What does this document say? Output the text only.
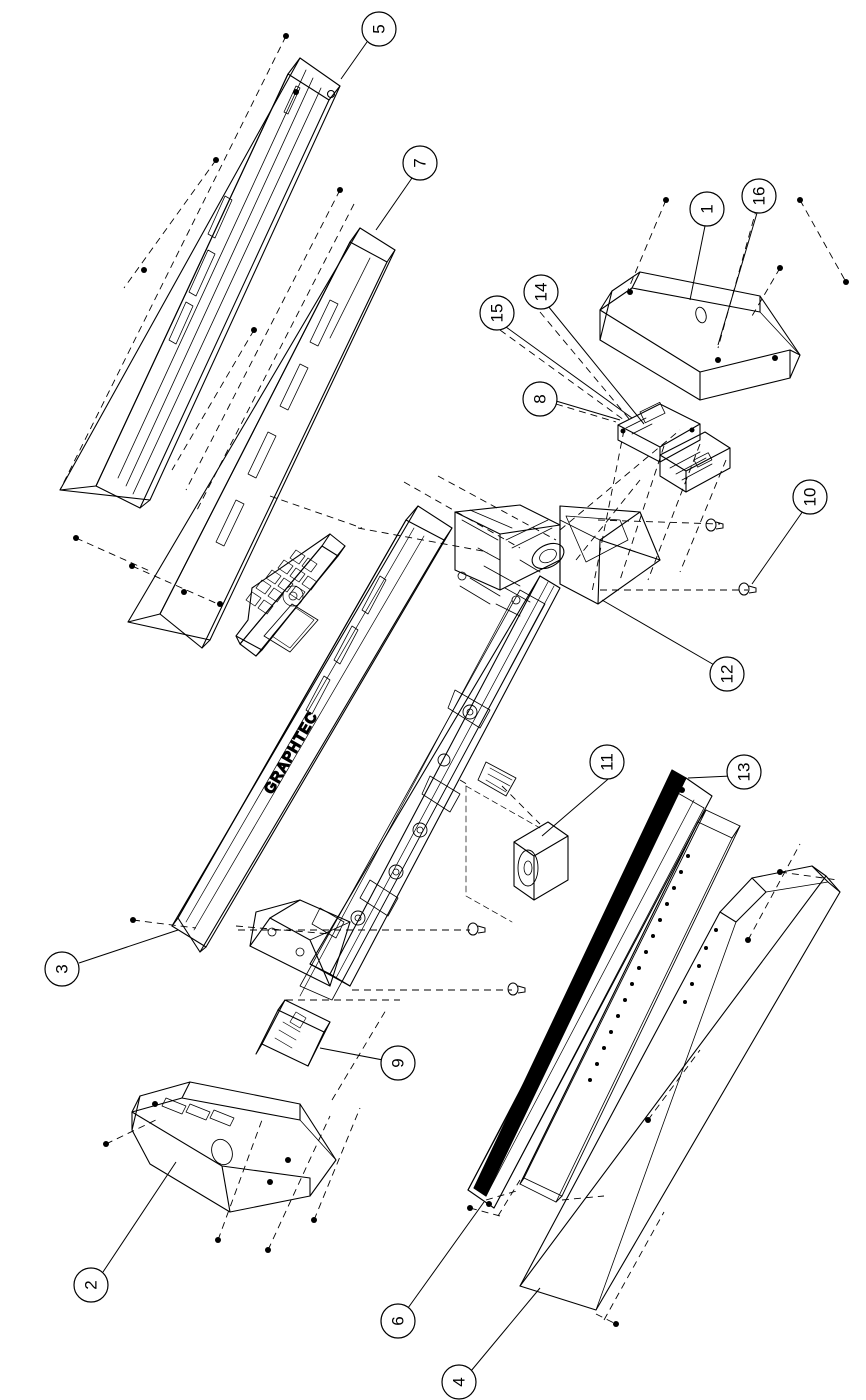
GRAPHTEC
5
7
1
16
14
15
8
10
12
13
11
3
9
2
6
4
